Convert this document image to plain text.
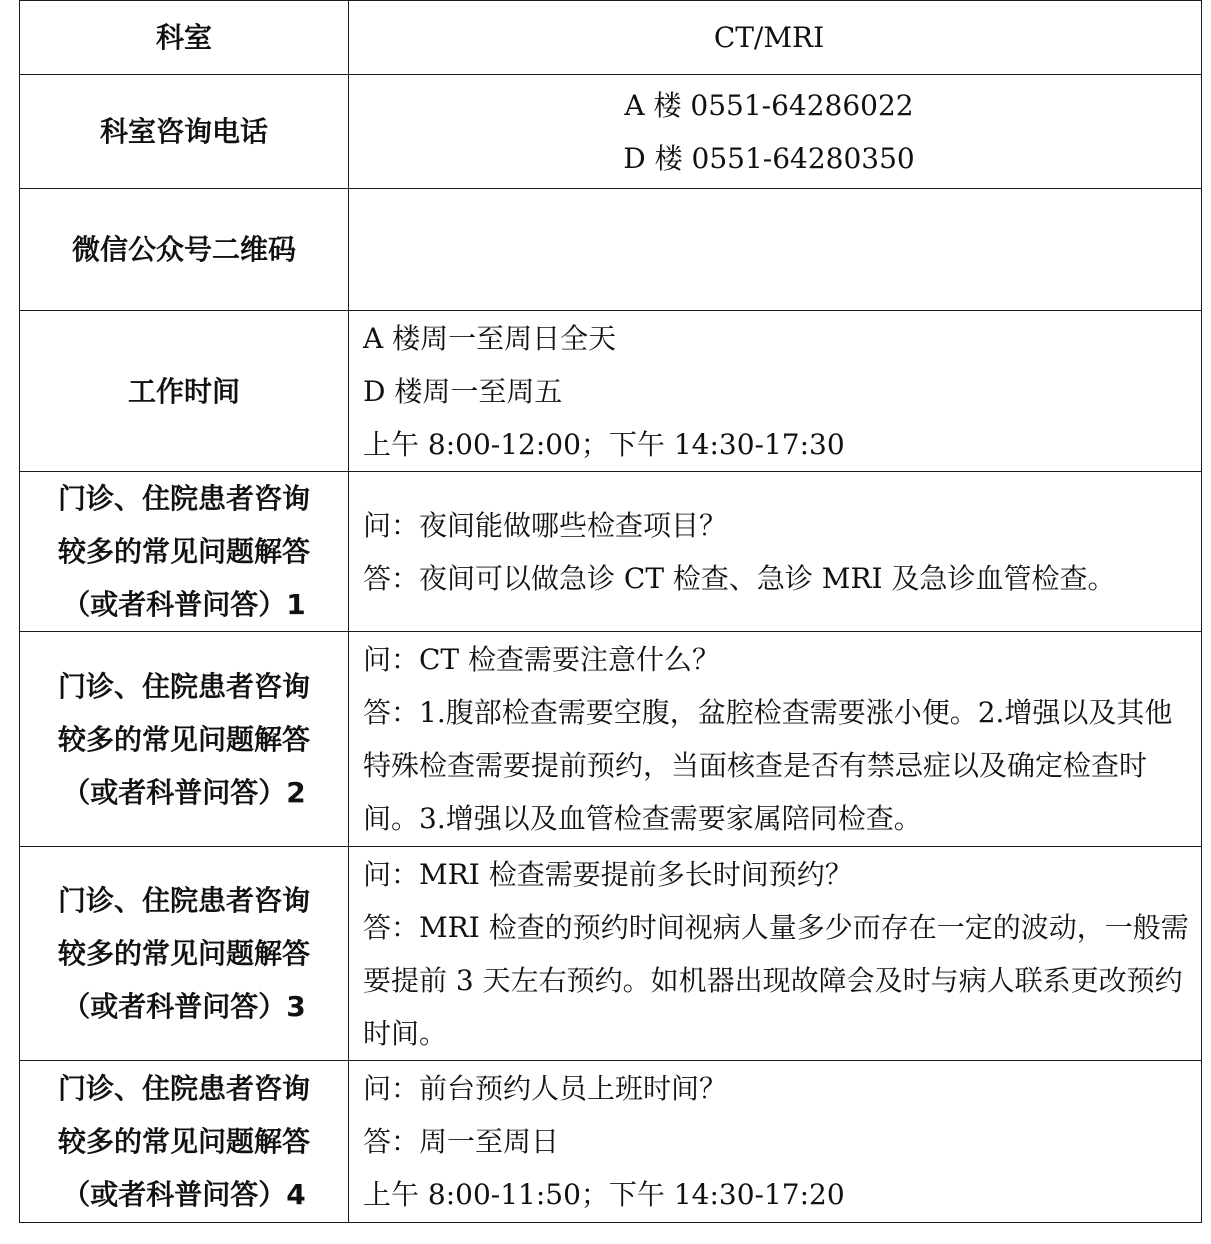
科室	CT/MRI

科室咨询电话	A 楼 0551-64286022
D 楼 0551-64280350

微信公众号二维码	

工作时间	A 楼周一至周日全天
D 楼周一至周五
上午 8:00-12:00；下午 14:30-17:30

门诊、住院患者咨询
较多的常见问题解答
（或者科普问答）1	问：夜间能做哪些检查项目？
答：夜间可以做急诊 CT 检查、急诊 MRI 及急诊血管检查。

门诊、住院患者咨询
较多的常见问题解答
（或者科普问答）2	问：CT 检查需要注意什么？
答：1.腹部检查需要空腹，盆腔检查需要涨小便。2.增强以及其他特殊检查需要提前预约，当面核查是否有禁忌症以及确定检查时间。3.增强以及血管检查需要家属陪同检查。

门诊、住院患者咨询
较多的常见问题解答
（或者科普问答）3	问：MRI 检查需要提前多长时间预约？
答：MRI 检查的预约时间视病人量多少而存在一定的波动，一般需要提前 3 天左右预约。如机器出现故障会及时与病人联系更改预约时间。

门诊、住院患者咨询
较多的常见问题解答
（或者科普问答）4	问：前台预约人员上班时间？
答：周一至周日
上午 8:00-11:50；下午 14:30-17:20
